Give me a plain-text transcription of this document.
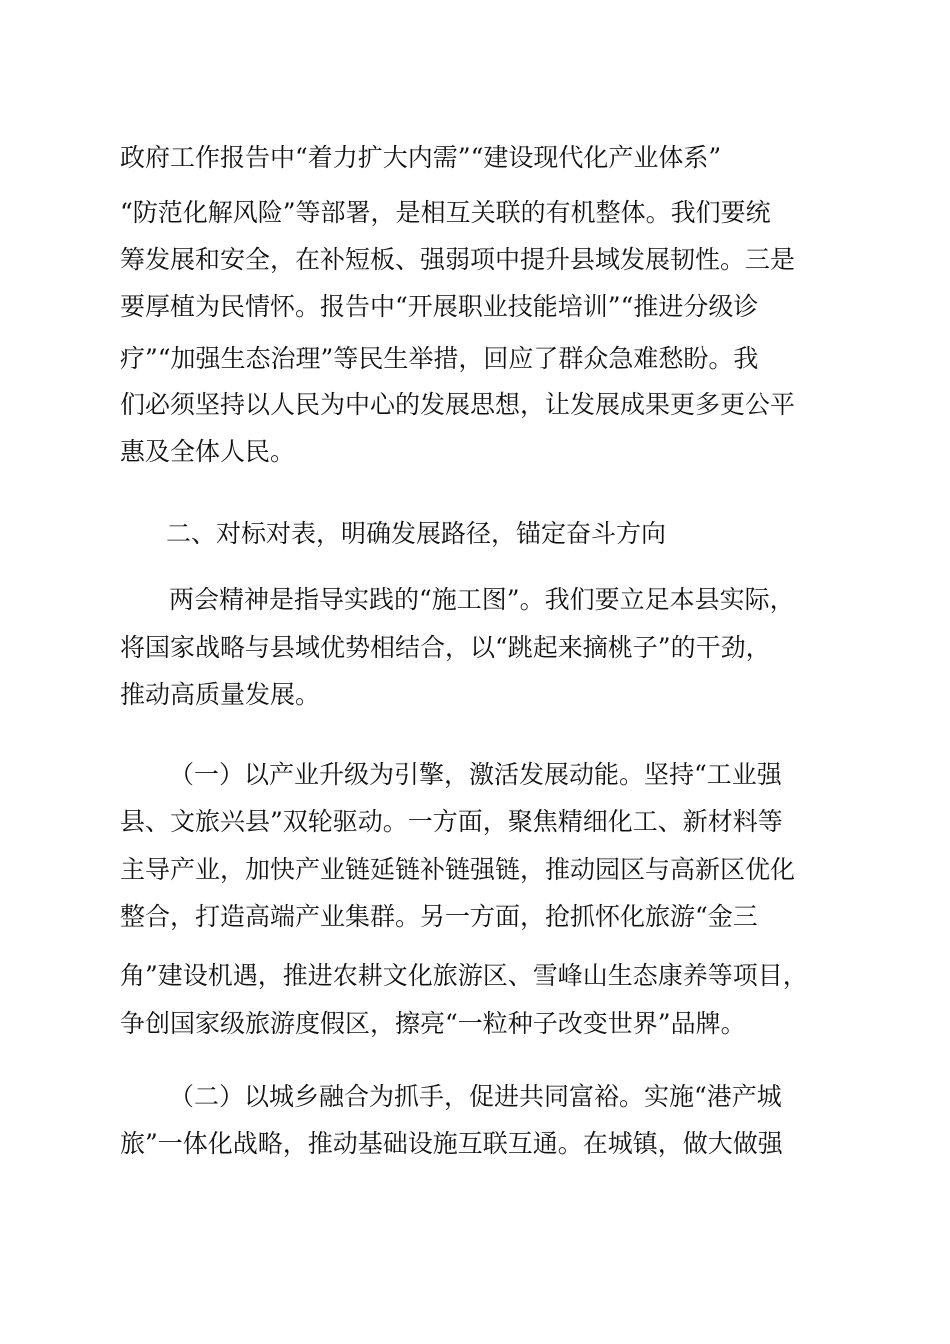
政府工作报告中“着力扩大内需”“建设现代化产业体系”

“防范化解风险”等部署，是相互关联的有机整体。我们要统

筹发展和安全，在补短板、强弱项中提升县域发展韧性。三是

要厚植为民情怀。报告中“开展职业技能培训”“推进分级诊

疗”“加强生态治理”等民生举措，回应了群众急难愁盼。我

们必须坚持以人民为中心的发展思想，让发展成果更多更公平

惠及全体人民。

二、对标对表，明确发展路径，锚定奋斗方向

两会精神是指导实践的“施工图”。我们要立足本县实际，

将国家战略与县域优势相结合，以“跳起来摘桃子”的干劲，

推动高质量发展。

（一）以产业升级为引擎，激活发展动能。坚持“工业强

县、文旅兴县”双轮驱动。一方面，聚焦精细化工、新材料等

主导产业，加快产业链延链补链强链，推动园区与高新区优化

整合，打造高端产业集群。另一方面，抢抓怀化旅游“金三

角”建设机遇，推进农耕文化旅游区、雪峰山生态康养等项目，

争创国家级旅游度假区，擦亮“一粒种子改变世界”品牌。

（二）以城乡融合为抓手，促进共同富裕。实施“港产城

旅”一体化战略，推动基础设施互联互通。在城镇，做大做强
